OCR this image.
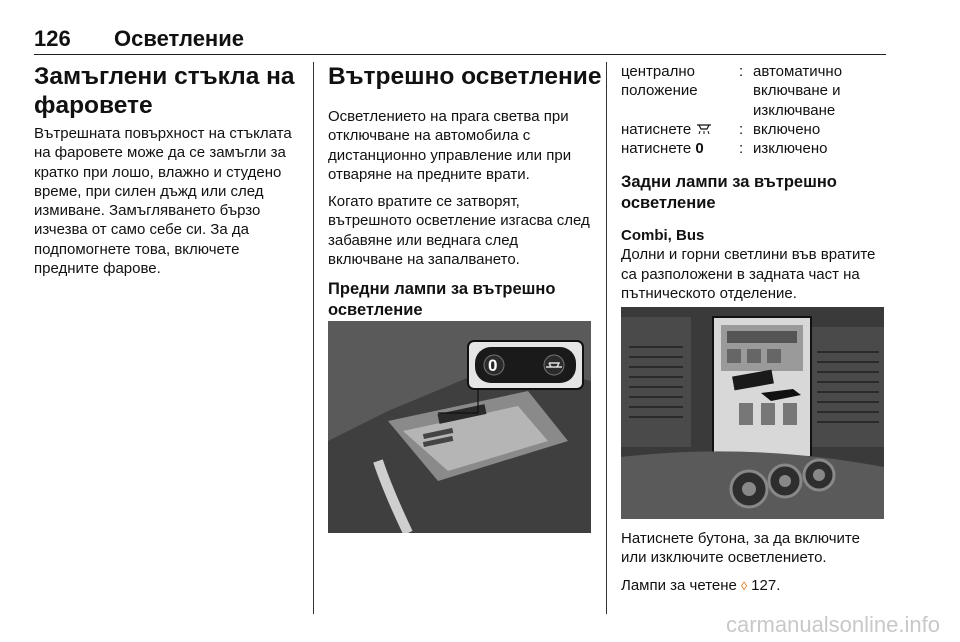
126 Осветление
Замъглени стъкла на фаровете

Вътрешната повърхност на стъклата на фаровете може да се замъгли за кратко при лошо, влажно и студено време, при силен дъжд или след измиване. Замъгляването бързо изчезва от само себе си. За да подпомогнете това, включете предните фарове.

Вътрешно осветление

Осветлението на прага светва при отключване на автомобила с дистанционно управление или при отваряне на предните врати.

Когато вратите се затворят, вътрешното осветление изгасва след забавяне или веднага след включване на запалването.

Предни лампи за вътрешно осветление
0
централно положение
: автоматично включване и изключване
натиснете	: включено
натиснете 0	: изключено
Задни лампи за вътрешно осветление
Combi, Bus

Долни и горни светлини във вратите са разположени в задната част на пътническото отделение.

Натиснете бутона, за да включите или изключите осветлението.

Лампи за четене ◊ 127.

carmanualsonline.info
